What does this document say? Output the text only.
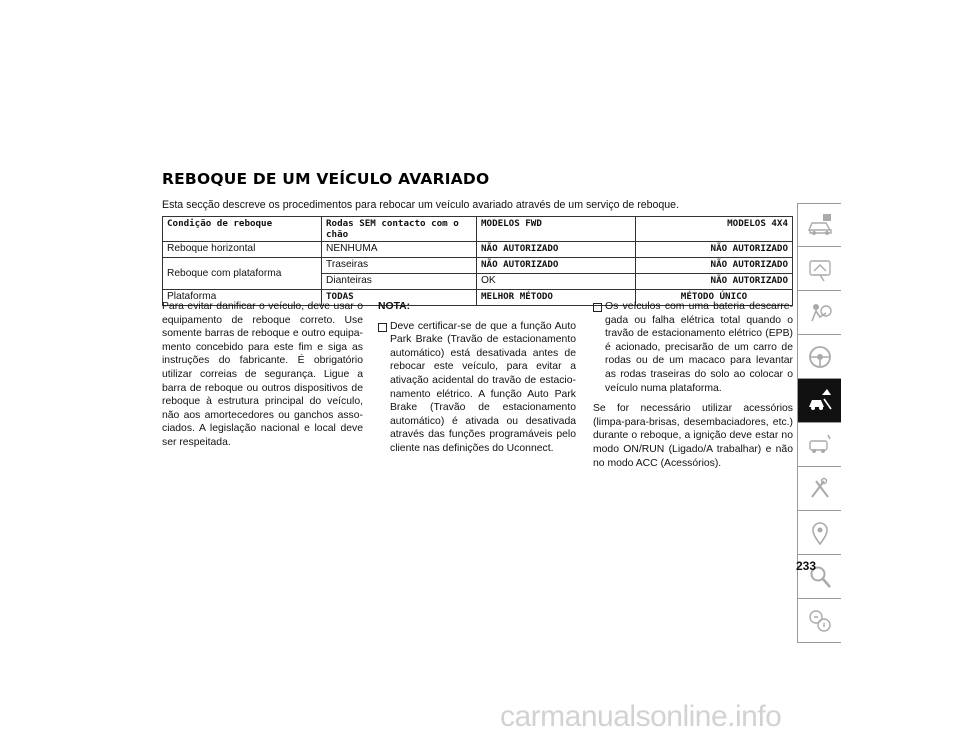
REBOQUE DE UM VEÍCULO AVARIADO
Esta secção descreve os procedimentos para rebocar um veículo avariado através de um serviço de reboque.
Condição de reboque	Rodas SEM contacto com o chão	MODELOS FWD	MODELOS 4X4
Reboque horizontal	NENHUMA	NÃO AUTORIZADO	NÃO AUTORIZADO
Reboque com plataforma	Traseiras	NÃO AUTORIZADO	NÃO AUTORIZADO
	Dianteiras	OK	NÃO AUTORIZADO
Plataforma	TODAS	MELHOR MÉTODO	MÉTODO ÚNICO
Para evitar danificar o veículo, deve usar o equipamento de reboque correto. Use somente barras de reboque e outro equipamento concebido para este fim e siga as instruções do fabricante. É obrigatório utilizar correias de segurança. Ligue a barra de reboque ou outros dispositivos de reboque à estrutura principal do veículo, não aos amortecedores ou ganchos associados. A legislação nacional e local deve ser respeitada.
NOTA:
Deve certificar-se de que a função Auto Park Brake (Travão de estacionamento automático) está desativada antes de rebocar este veículo, para evitar a ativação acidental do travão de estacionamento elétrico. A função Auto Park Brake (Travão de estacionamento automático) é ativada ou desativada através das funções programáveis pelo cliente nas definições do Uconnect.
Os veículos com uma bateria descarregada ou falha elétrica total quando o travão de estacionamento elétrico (EPB) é acionado, precisarão de um carro de rodas ou de um macaco para levantar as rodas traseiras do solo ao colocar o veículo numa plataforma.
Se for necessário utilizar acessórios (limpa-para-brisas, desembaciadores, etc.) durante o reboque, a ignição deve estar no modo ON/RUN (Ligado/A trabalhar) e não no modo ACC (Acessórios).
233
carmanualsonline.info
